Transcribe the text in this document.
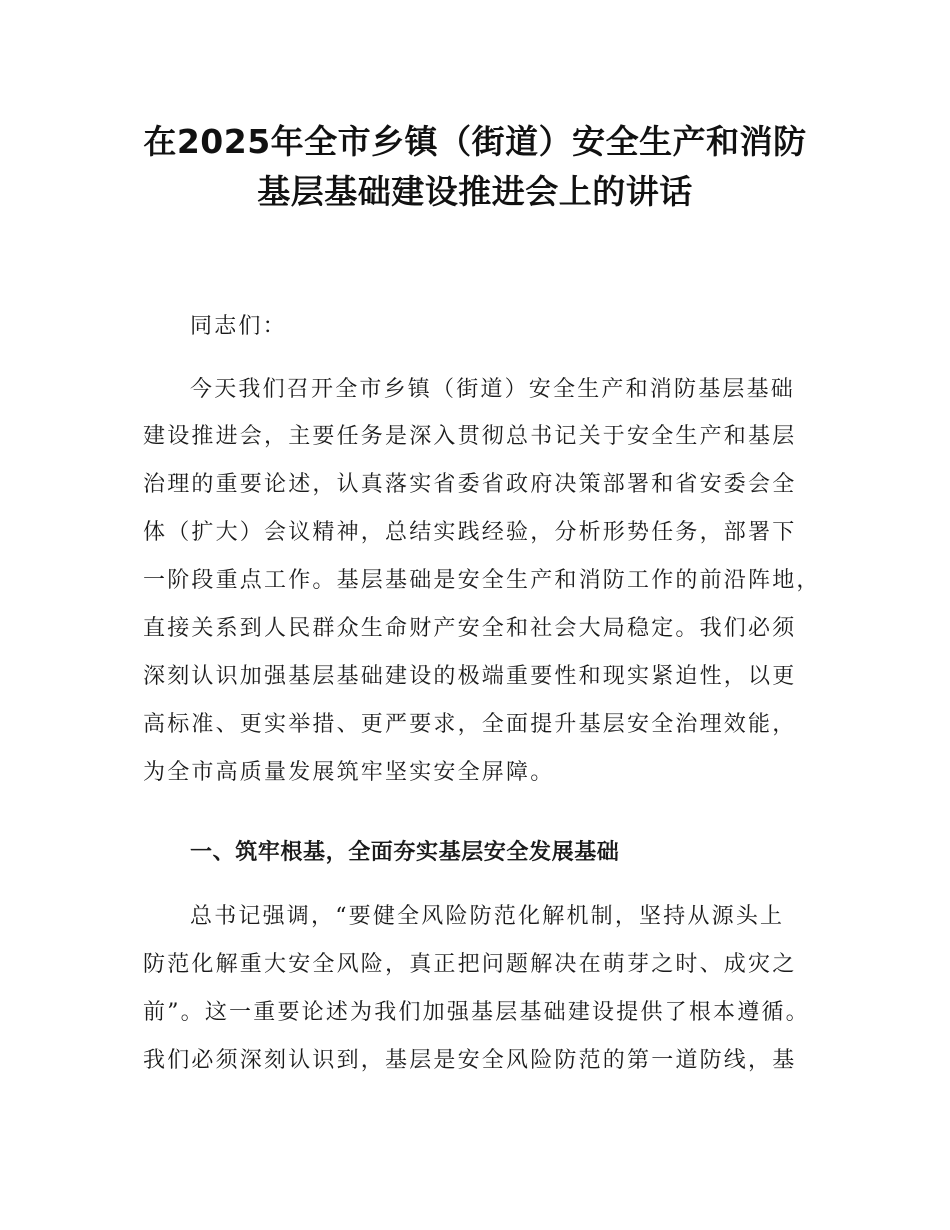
在2025年全市乡镇（街道）安全生产和消防
基层基础建设推进会上的讲话
同志们：
今天我们召开全市乡镇（街道）安全生产和消防基层基础
建设推进会，主要任务是深入贯彻总书记关于安全生产和基层
治理的重要论述，认真落实省委省政府决策部署和省安委会全
体（扩大）会议精神，总结实践经验，分析形势任务，部署下
一阶段重点工作。基层基础是安全生产和消防工作的前沿阵地，
直接关系到人民群众生命财产安全和社会大局稳定。我们必须
深刻认识加强基层基础建设的极端重要性和现实紧迫性，以更
高标准、更实举措、更严要求，全面提升基层安全治理效能，
为全市高质量发展筑牢坚实安全屏障。
一、筑牢根基，全面夯实基层安全发展基础
总书记强调，“要健全风险防范化解机制，坚持从源头上
防范化解重大安全风险，真正把问题解决在萌芽之时、成灾之
前”。这一重要论述为我们加强基层基础建设提供了根本遵循。
我们必须深刻认识到，基层是安全风险防范的第一道防线，基
